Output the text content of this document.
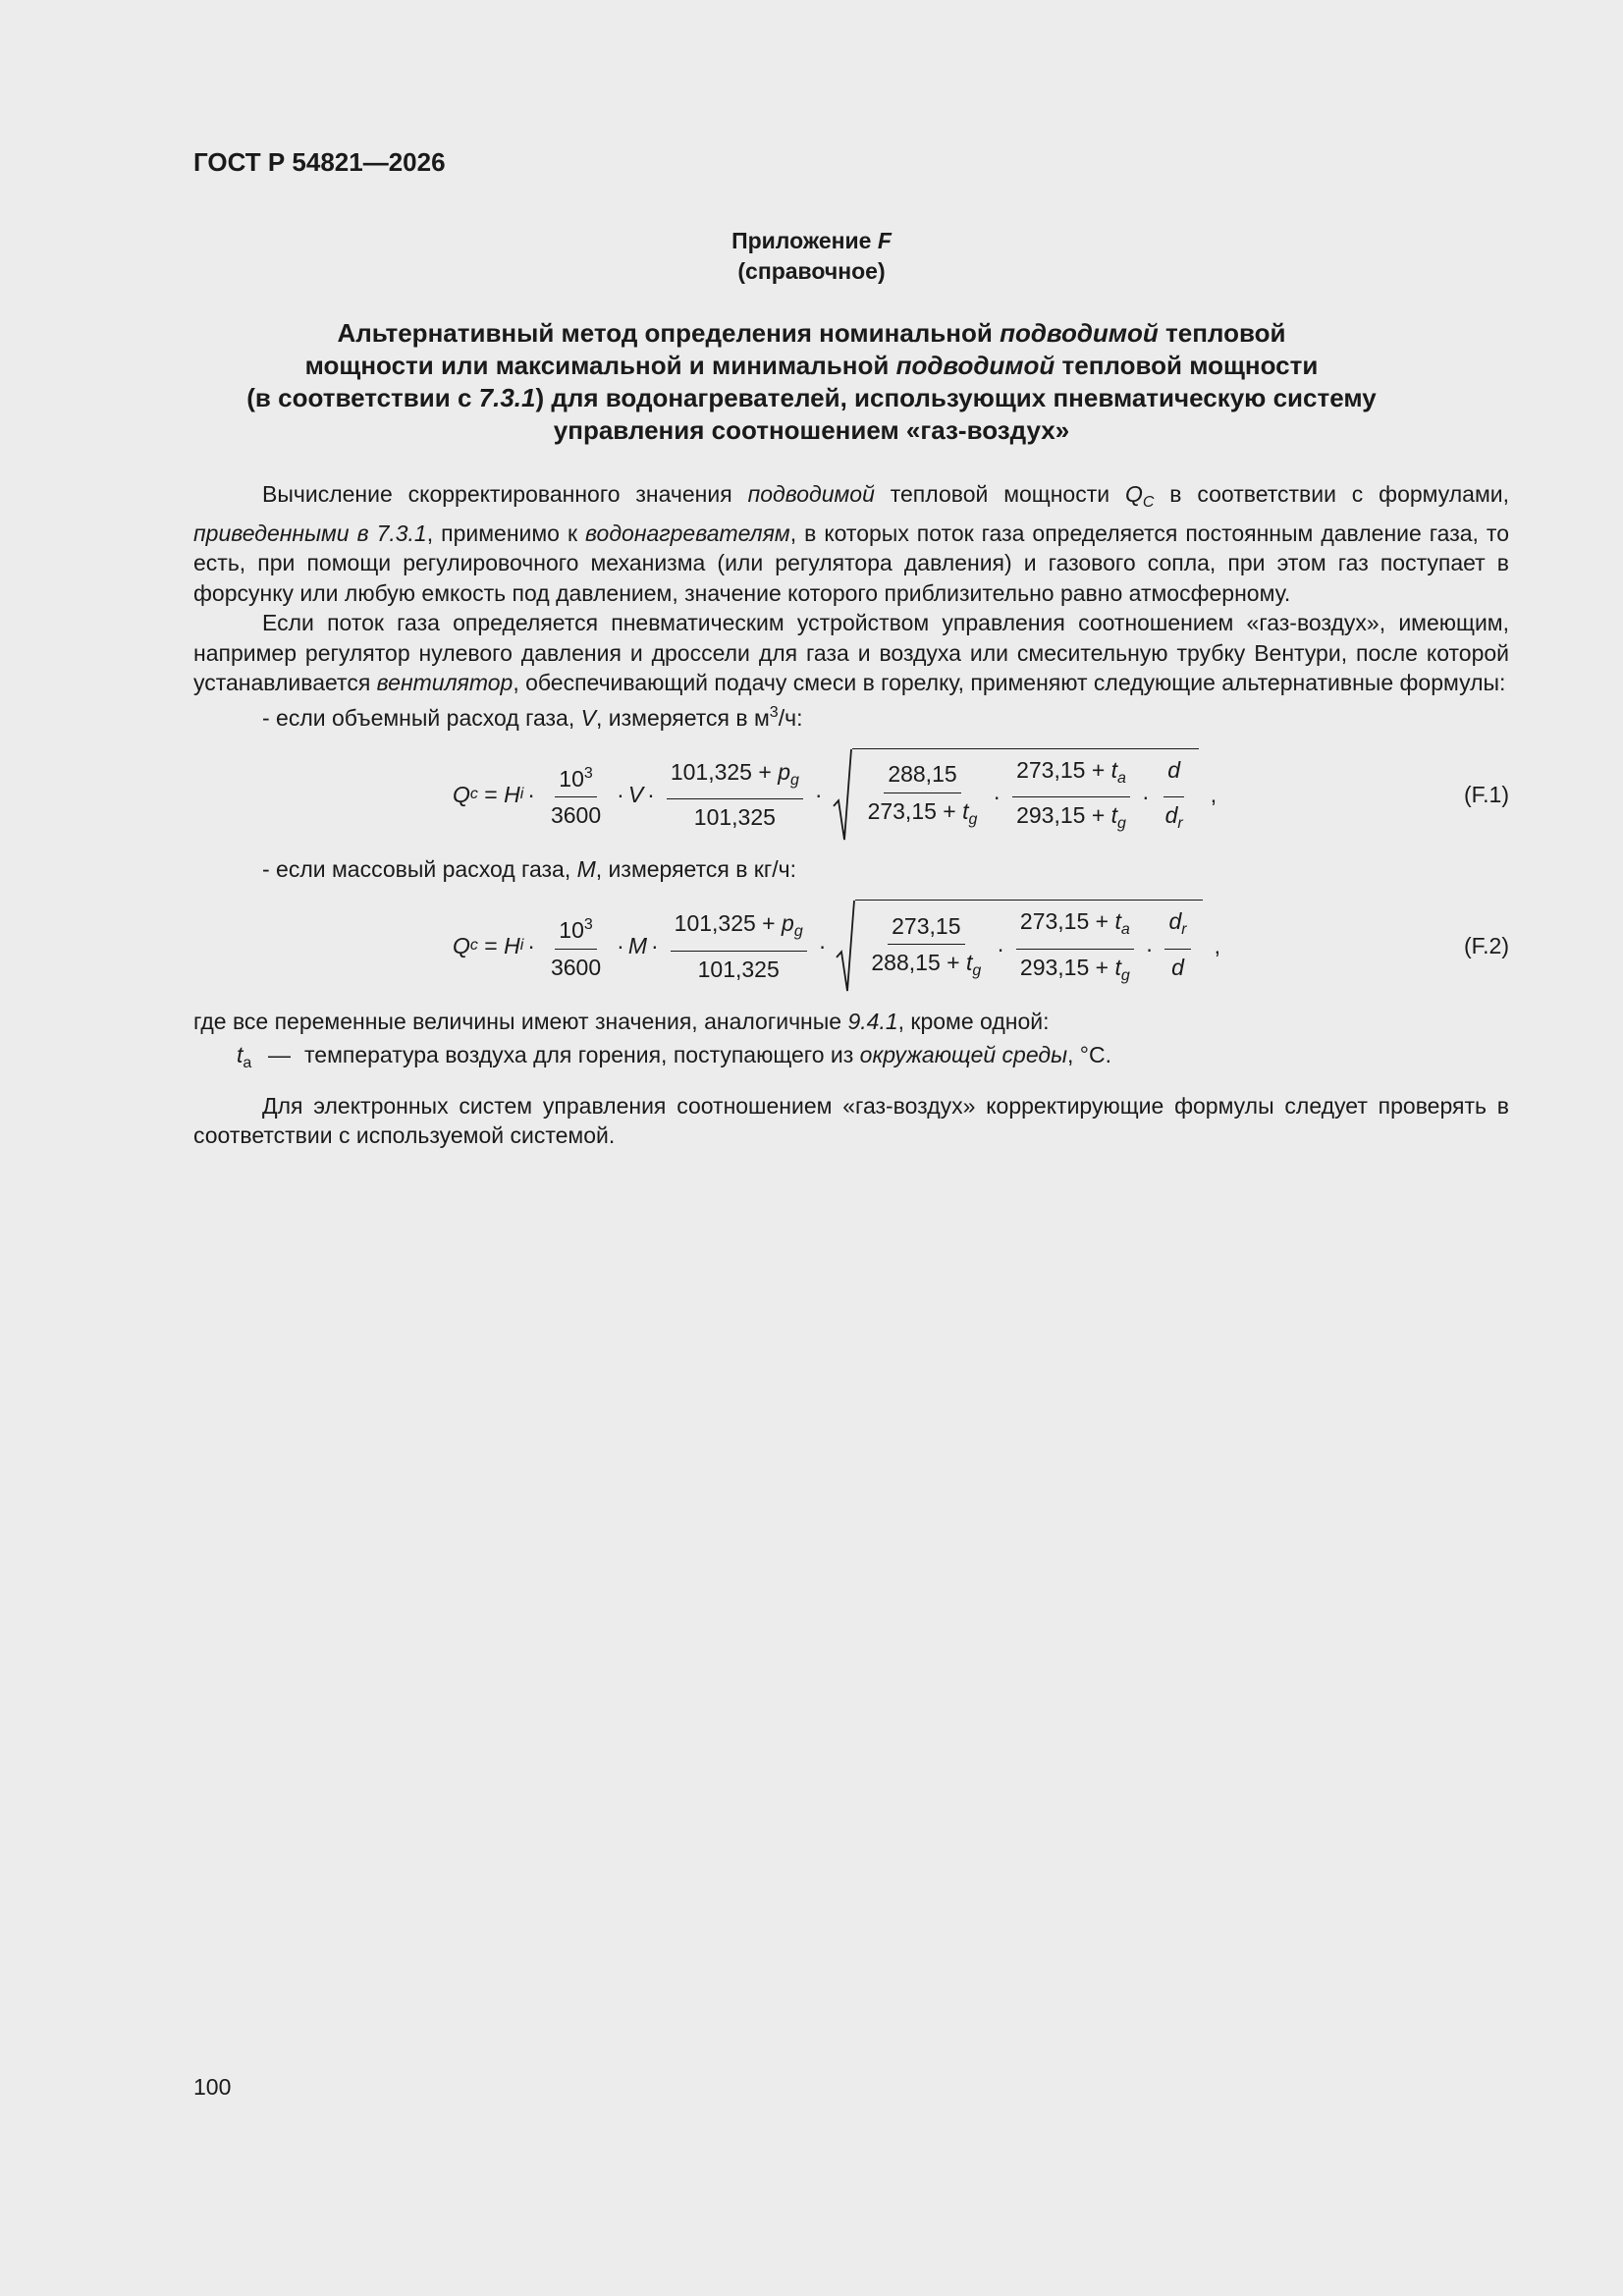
ГОСТ Р 54821—2026
Приложение F
(справочное)
Альтернативный метод определения номинальной подводимой тепловой
мощности или максимальной и минимальной подводимой тепловой мощности
(в соответствии с 7.3.1) для водонагревателей, использующих пневматическую систему
управления соотношением «газ-воздух»

Вычисление скорректированного значения подводимой тепловой мощности $Q_C$ в соответствии с формулами, приведенными в 7.3.1, применимо к водонагревателям, в которых поток газа определяется постоянным давление газа, то есть, при помощи регулировочного механизма (или регулятора давления) и газового сопла, при этом газ поступает в форсунку или любую емкость под давлением, значение которого приблизительно равно атмосферному.

Если поток газа определяется пневматическим устройством управления соотношением «газ-воздух», имеющим, например регулятор нулевого давления и дроссели для газа и воздуха или смесительную трубку Вентури, после которой устанавливается вентилятор, обеспечивающий подачу смеси в горелку, применяют следующие альтернативные формулы:

- если объемный расход газа, V, измеряется в $м^3/ч$:

Q c = H $i \cdot \frac{10^3}{3600} \cdot V \cdot \frac{101,325 + p_g}{101,325} \cdot \frac{288,15}{273,15 + t_g} \cdot \frac{273,15 + t_a}{293,15 + t_g} \cdot \frac{d}{d_r}$ ,	(F.1)

- если массовый расход газа, M, измеряется в кг/ч:

Q c = H $i \cdot \frac{10^3}{3600} \cdot M \cdot \frac{101,325 + p_g}{101,325} \cdot \frac{273,15}{288,15 + t_g} \cdot \frac{273,15 + t_a}{293,15 + t_g} \cdot \frac{d_r}{d}$ ,	(F.2)

где все переменные величины имеют значения, аналогичные 9.4.1, кроме одной:

$t_a$ — температура воздуха для горения, поступающего из окружающей среды, °С.

Для электронных систем управления соотношением «газ-воздух» корректирующие формулы следует проверять в соответствии с используемой системой.

100
